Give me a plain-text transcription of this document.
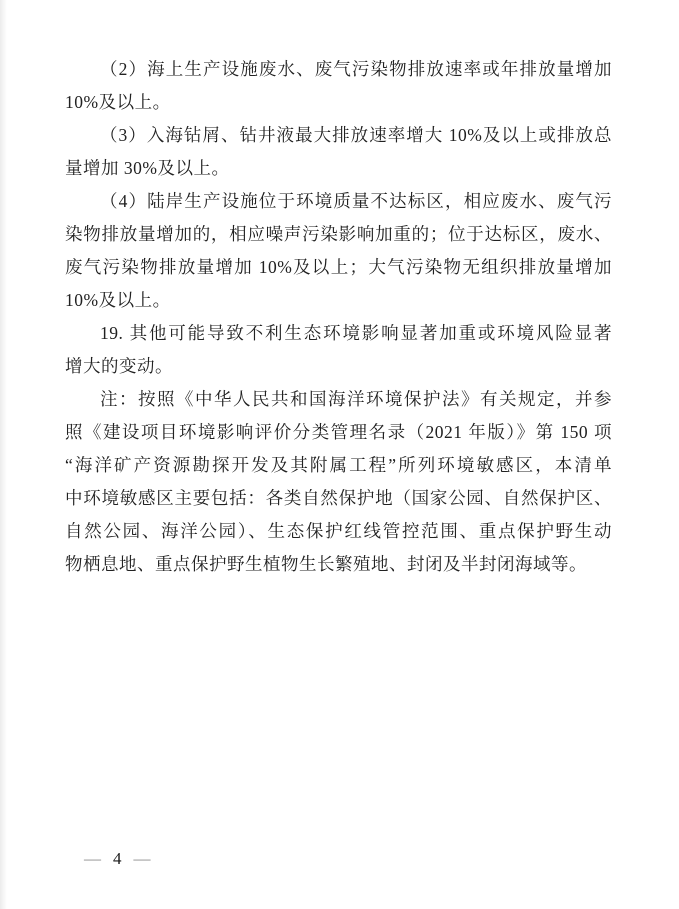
（2）海上生产设施废水、废气污染物排放速率或年排放量增加
10%及以上。
（3）入海钻屑、钻井液最大排放速率增大 10%及以上或排放总
量增加 30%及以上。
（4）陆岸生产设施位于环境质量不达标区，相应废水、废气污
染物排放量增加的，相应噪声污染影响加重的；位于达标区，废水、
废气污染物排放量增加 10%及以上；大气污染物无组织排放量增加
10%及以上。
19. 其他可能导致不利生态环境影响显著加重或环境风险显著
增大的变动。
注：按照《中华人民共和国海洋环境保护法》有关规定，并参
照《建设项目环境影响评价分类管理名录（2021 年版）》第 150 项
“海洋矿产资源勘探开发及其附属工程”所列环境敏感区，本清单
中环境敏感区主要包括：各类自然保护地（国家公园、自然保护区、
自然公园、海洋公园）、生态保护红线管控范围、重点保护野生动
物栖息地、重点保护野生植物生长繁殖地、封闭及半封闭海域等。
— 4 —
